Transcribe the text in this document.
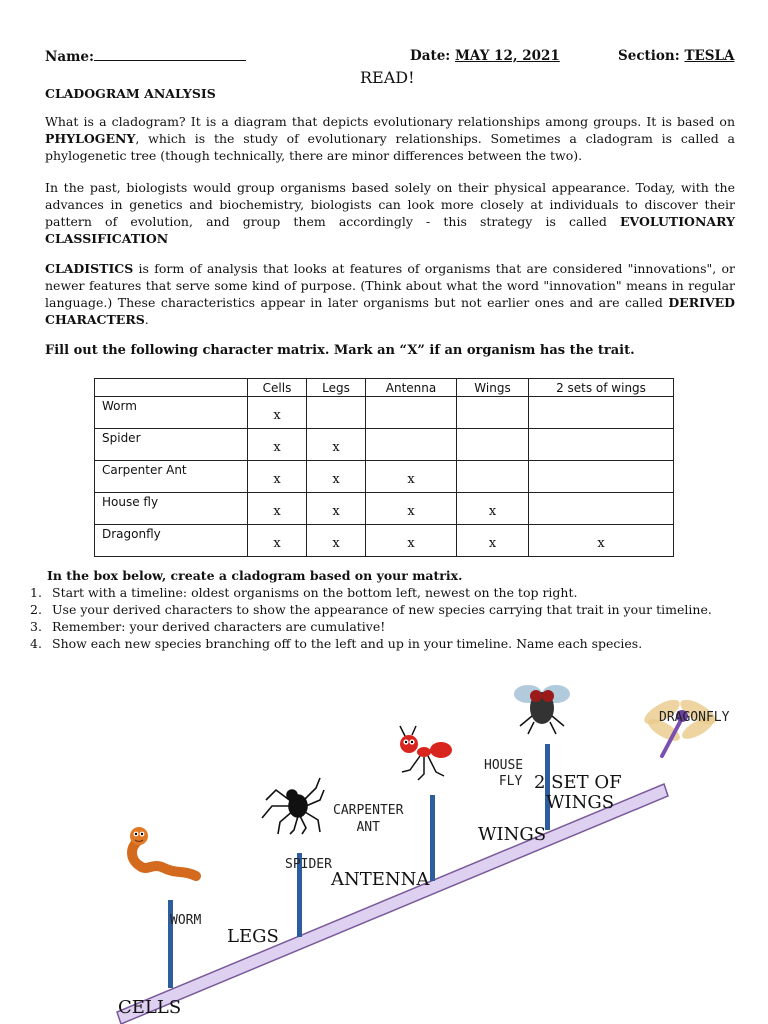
Name:	Date: MAY 12, 2021	Section: TESLA
READ!
CLADOGRAM ANALYSIS

What is a cladogram? It is a diagram that depicts evolutionary relationships among groups. It is based on PHYLOGENY, which is the study of evolutionary relationships. Sometimes a cladogram is called a phylogenetic tree (though technically, there are minor differences between the two).

In the past, biologists would group organisms based solely on their physical appearance. Today, with the advances in genetics and biochemistry, biologists can look more closely at individuals to discover their pattern of evolution, and group them accordingly - this strategy is called EVOLUTIONARY CLASSIFICATION

CLADISTICS is form of analysis that looks at features of organisms that are considered "innovations", or newer features that serve some kind of purpose. (Think about what the word "innovation" means in regular language.) These characteristics appear in later organisms but not earlier ones and are called DERIVED CHARACTERS.

Fill out the following character matrix. Mark an “X” if an organism has the trait.
	Cells	Legs	Antenna	Wings	2 sets of wings
Worm	x				
Spider	x	x			
Carpenter Ant	x	x	x		
House fly	x	x	x	x	
Dragonfly	x	x	x	x	x
In the box below, create a cladogram based on your matrix.
1. Start with a timeline: oldest organisms on the bottom left, newest on the top right.
2. Use your derived characters to show the appearance of new species carrying that trait in your timeline.
3. Remember: your derived characters are cumulative!
4. Show each new species branching off to the left and up in your timeline. Name each species.
WORM
SPIDER
CARPENTER
ANT
HOUSE
FLY
DRAGONFLY
CELLS
LEGS
ANTENNA
WINGS
2 SET OF
WINGS
